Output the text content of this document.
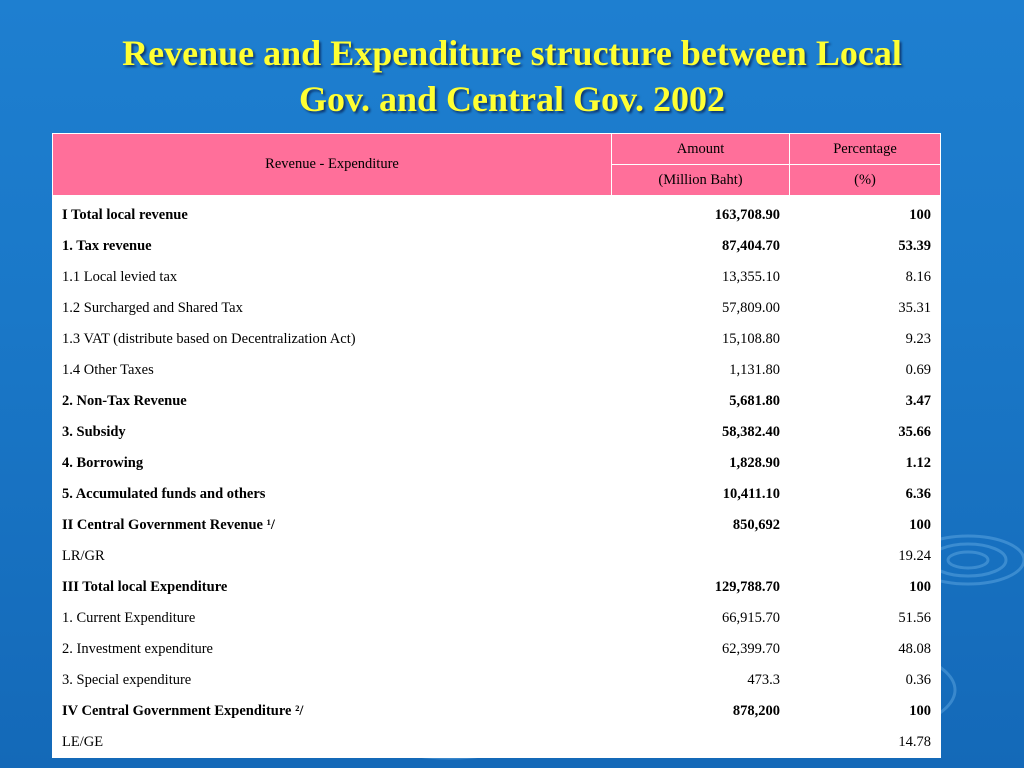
Revenue and Expenditure structure between Local
Gov. and Central Gov. 2002
Revenue - Expenditure	Amount	Percentage
	(Million Baht)	(%)
I Total local revenue	163,708.90	100
1. Tax revenue	87,404.70	53.39
1.1 Local levied tax	13,355.10	8.16
1.2 Surcharged and Shared Tax	57,809.00	35.31
1.3 VAT (distribute based on Decentralization Act)	15,108.80	9.23
1.4 Other Taxes	1,131.80	0.69
2. Non-Tax Revenue	5,681.80	3.47
3. Subsidy	58,382.40	35.66
4. Borrowing	1,828.90	1.12
5. Accumulated funds and others	10,411.10	6.36
II Central Government Revenue ¹/	850,692	100
LR/GR		19.24
III Total local Expenditure	129,788.70	100
1. Current Expenditure	66,915.70	51.56
2. Investment expenditure	62,399.70	48.08
3. Special expenditure	473.3	0.36
IV Central Government Expenditure ²/	878,200	100
LE/GE		14.78
